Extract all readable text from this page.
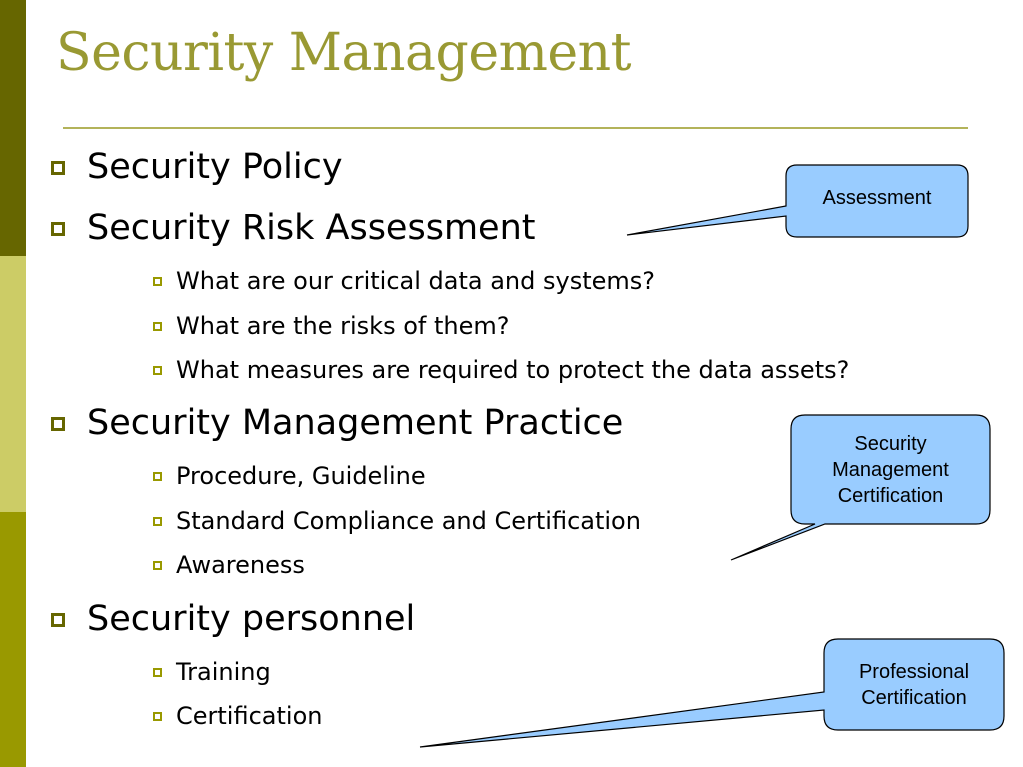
Security Management
Security Policy
Security Risk Assessment
What are our critical data and systems?
What are the risks of them?
What measures are required to protect the data assets?
Security Management Practice
Procedure, Guideline
Standard Compliance and Certification
Awareness
Security personnel
Training
Certification
Assessment
Security
Management
Certification
Professional
Certification
